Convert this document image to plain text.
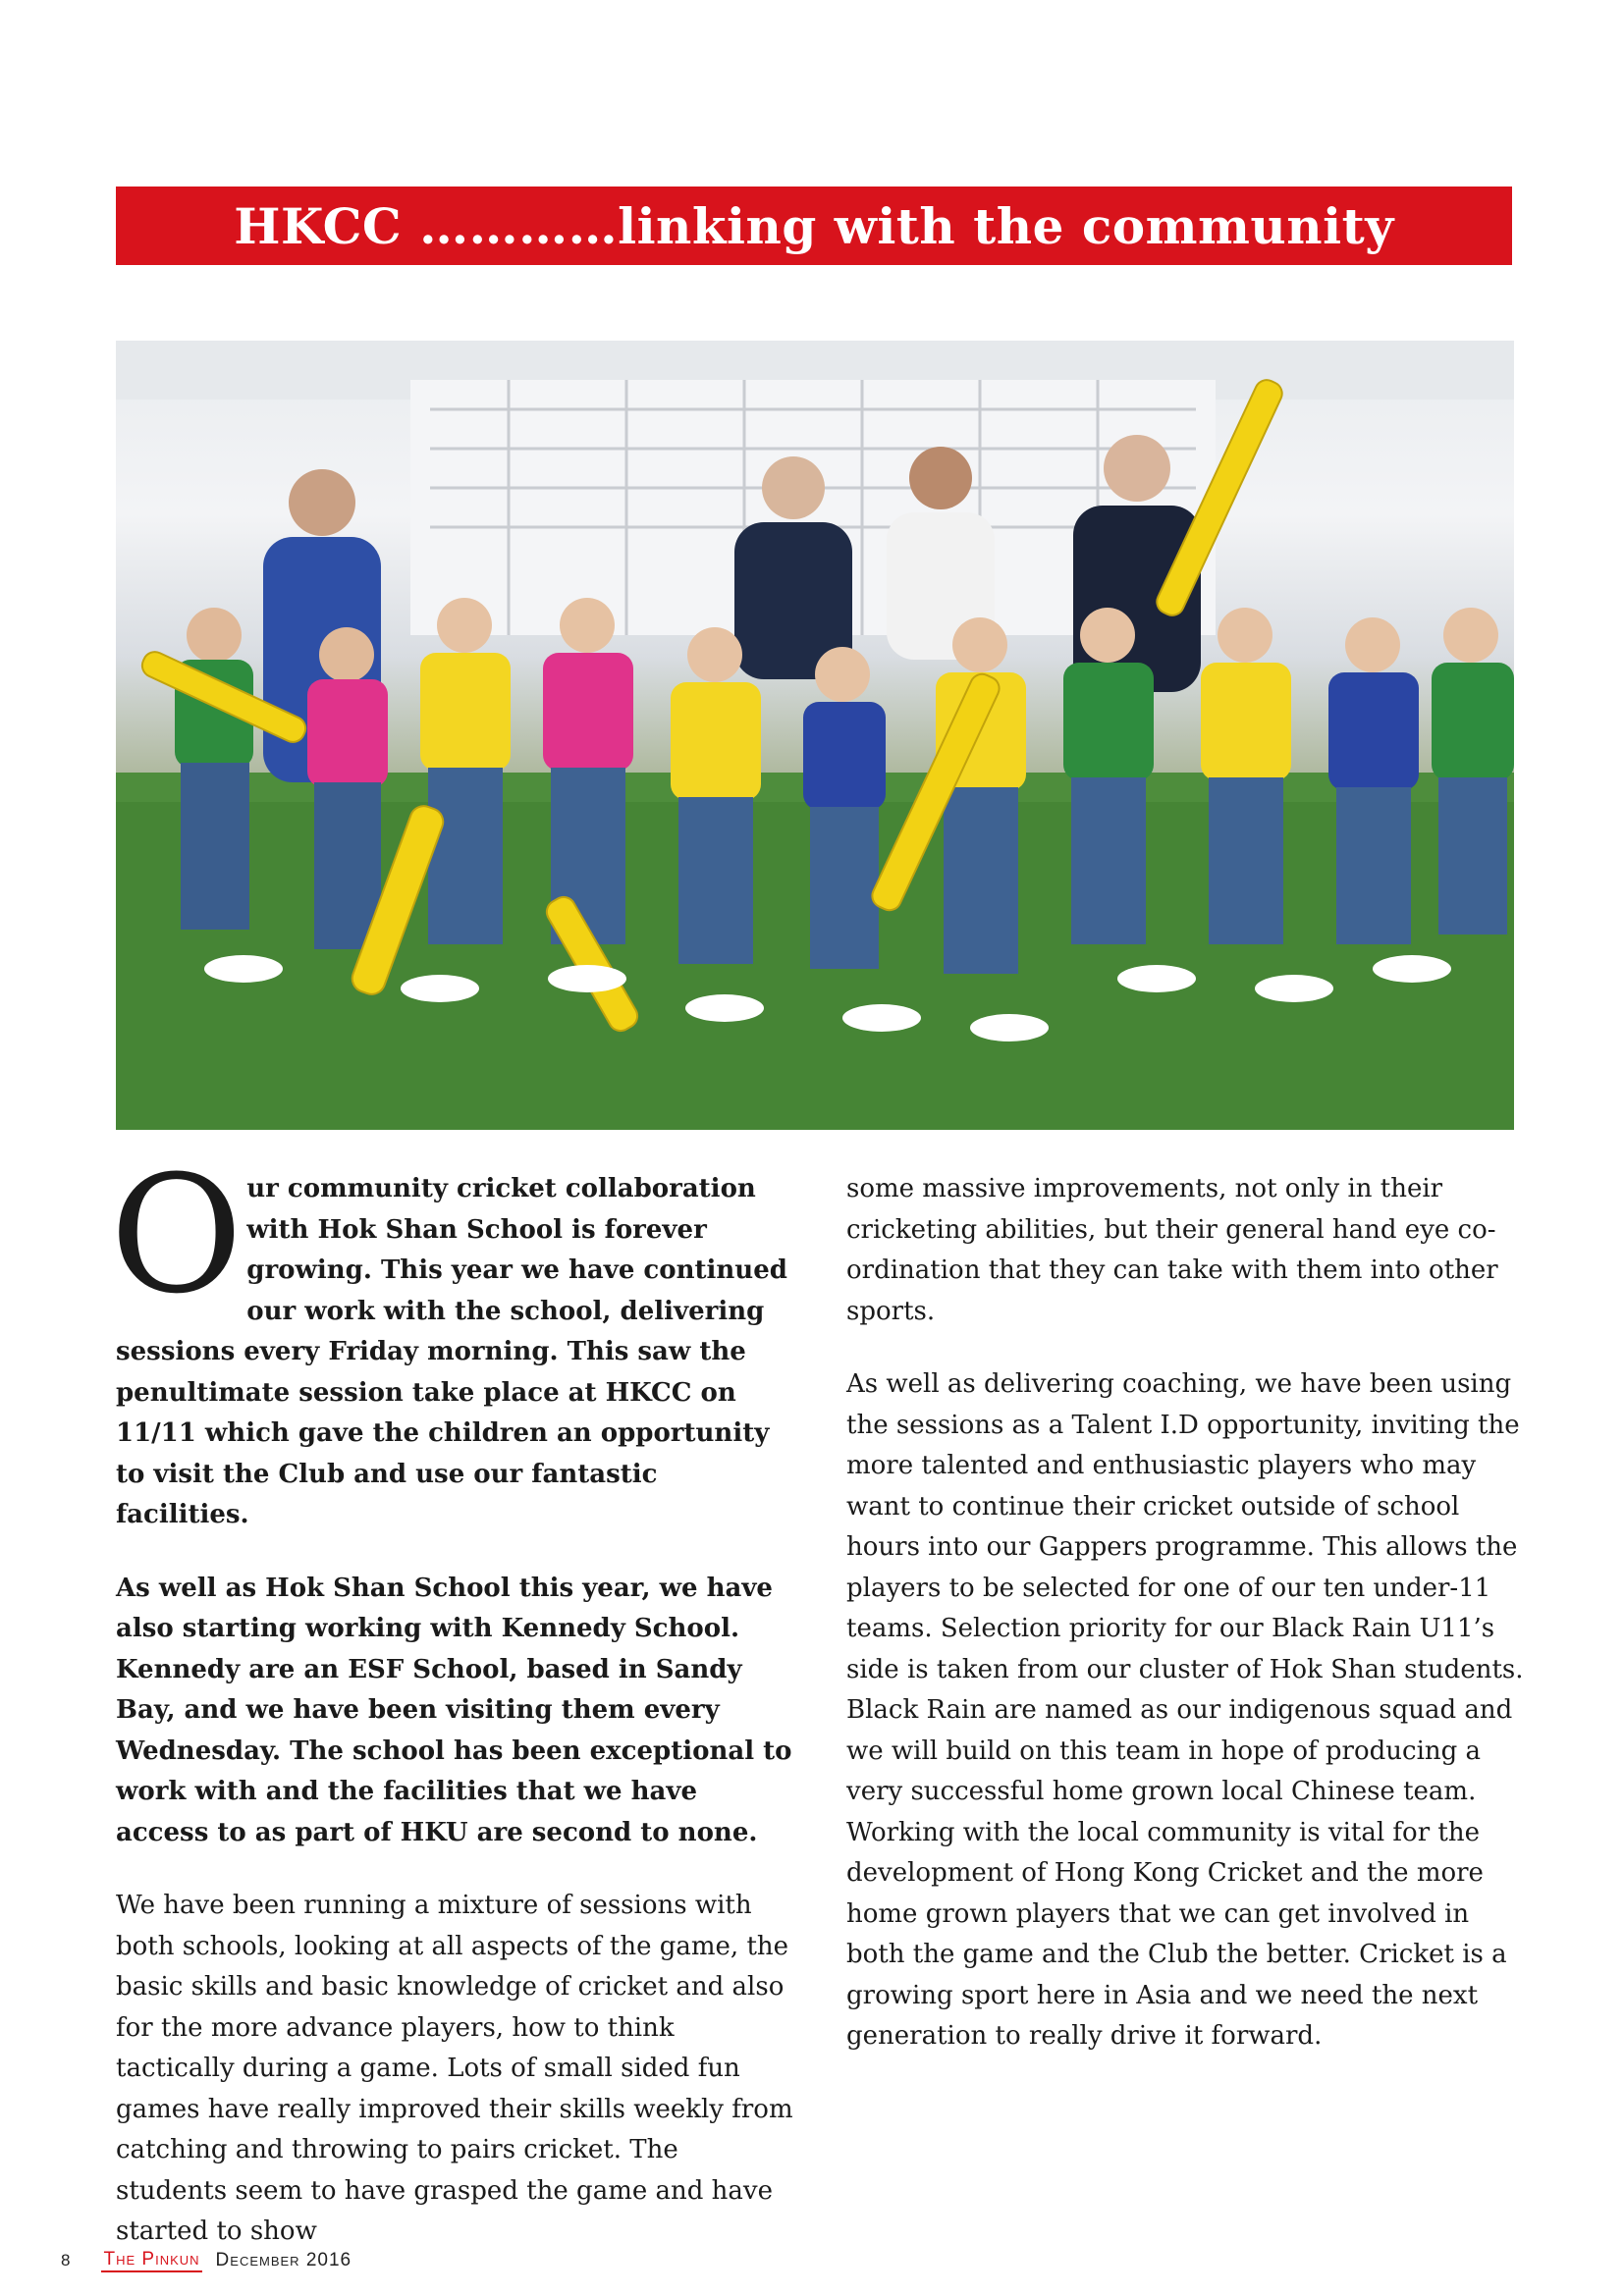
HKCC …………linking with the community

Our community cricket collaboration with Hok Shan School is forever growing. This year we have continued our work with the school, delivering sessions every Friday morning. This saw the penultimate session take place at HKCC on 11/11 which gave the children an opportunity to visit the Club and use our fantastic facilities.

As well as Hok Shan School this year, we have also starting working with Kennedy School. Kennedy are an ESF School, based in Sandy Bay, and we have been visiting them every Wednesday. The school has been exceptional to work with and the facilities that we have access to as part of HKU are second to none.

We have been running a mixture of sessions with both schools, looking at all aspects of the game, the basic skills and basic knowledge of cricket and also for the more advance players, how to think tactically during a game. Lots of small sided fun games have really improved their skills weekly from catching and throwing to pairs cricket. The students seem to have grasped the game and have started to show

some massive improvements, not only in their cricketing abilities, but their general hand eye co-ordination that they can take with them into other sports.

As well as delivering coaching, we have been using the sessions as a Talent I.D opportunity, inviting the more talented and enthusiastic players who may want to continue their cricket outside of school hours into our Gappers programme. This allows the players to be selected for one of our ten under-11 teams. Selection priority for our Black Rain U11’s side is taken from our cluster of Hok Shan students. Black Rain are named as our indigenous squad and we will build on this team in hope of producing a very successful home grown local Chinese team. Working with the local community is vital for the development of Hong Kong Cricket and the more home grown players that we can get involved in both the game and the Club the better. Cricket is a growing sport here in Asia and we need the next generation to really drive it forward.

8 The Pinkun December 2016
